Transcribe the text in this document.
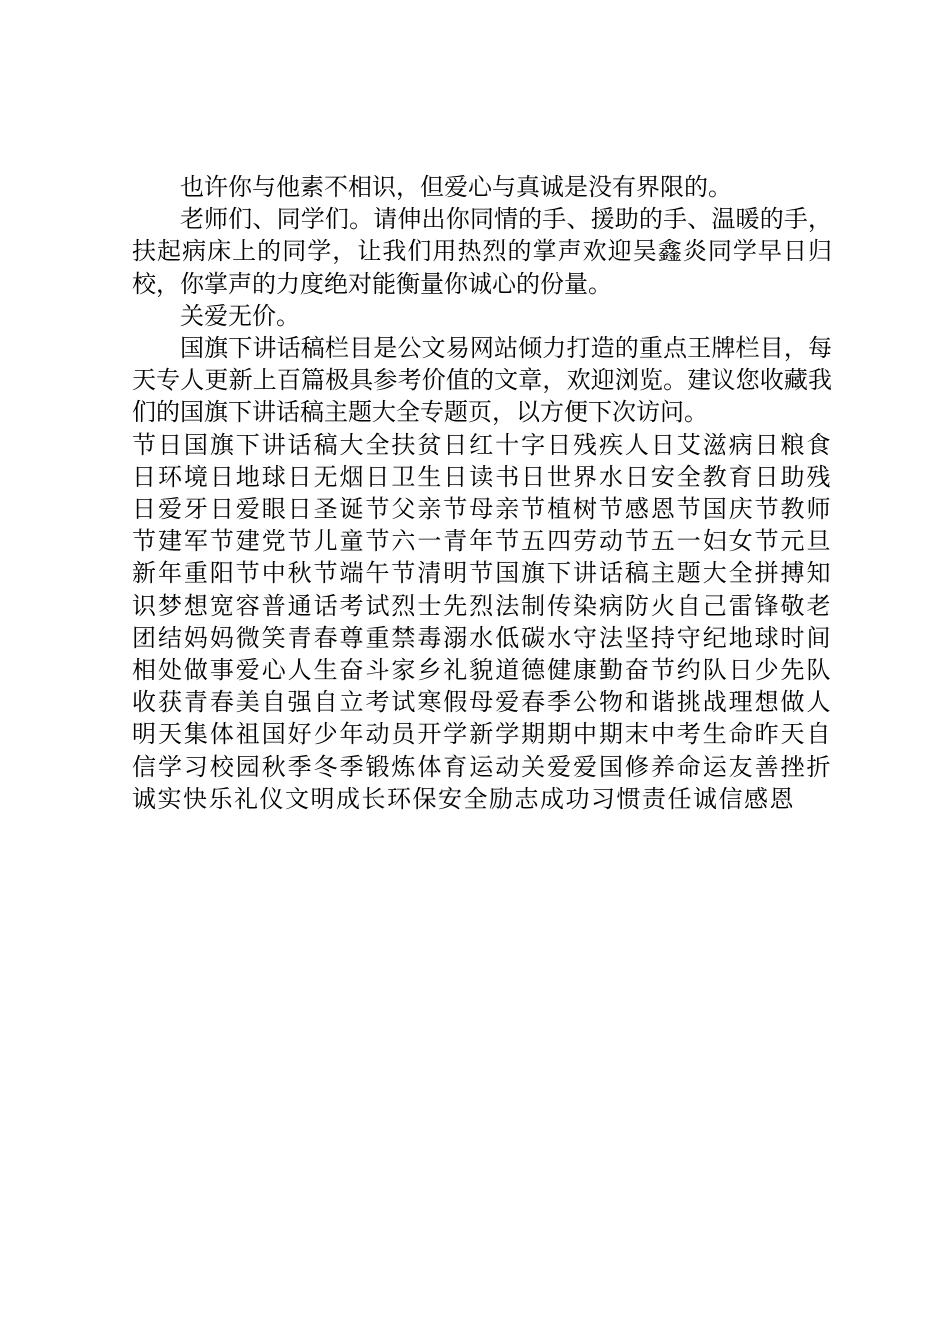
也许你与他素不相识，但爱心与真诚是没有界限的。

老师们、同学们。请伸出你同情的手、援助的手、温暖的手，扶起病床上的同学，让我们用热烈的掌声欢迎吴鑫炎同学早日归校，你掌声的力度绝对能衡量你诚心的份量。

关爱无价。

国旗下讲话稿栏目是公文易网站倾力打造的重点王牌栏目，每天专人更新上百篇极具参考价值的文章，欢迎浏览。建议您收藏我们的国旗下讲话稿主题大全专题页，以方便下次访问。

节日国旗下讲话稿大全扶贫日红十字日残疾人日艾滋病日粮食日环境日地球日无烟日卫生日读书日世界水日安全教育日助残日爱牙日爱眼日圣诞节父亲节母亲节植树节感恩节国庆节教师节建军节建党节儿童节六一青年节五四劳动节五一妇女节元旦新年重阳节中秋节端午节清明节国旗下讲话稿主题大全拼搏知识梦想宽容普通话考试烈士先烈法制传染病防火自己雷锋敬老团结妈妈微笑青春尊重禁毒溺水低碳水守法坚持守纪地球时间相处做事爱心人生奋斗家乡礼貌道德健康勤奋节约队日少先队收获青春美自强自立考试寒假母爱春季公物和谐挑战理想做人明天集体祖国好少年动员开学新学期期中期末中考生命昨天自信学习校园秋季冬季锻炼体育运动关爱爱国修养命运友善挫折诚实快乐礼仪文明成长环保安全励志成功习惯责任诚信感恩
